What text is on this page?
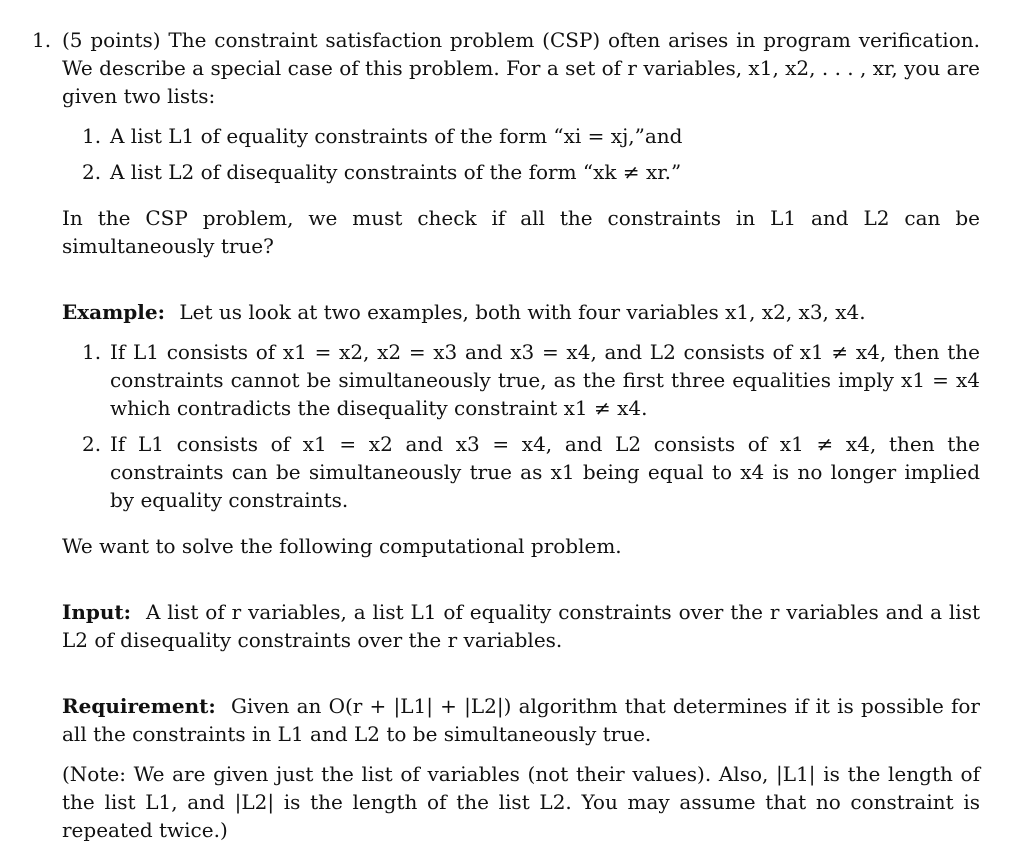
1. (5 points) The constraint satisfaction problem (CSP) often arises in program verification. We describe a special case of this problem. For a set of r variables, x1, x2, . . . , xr, you are given two lists:

1. A list L1 of equality constraints of the form “xi = xj,”and
2. A list L2 of disequality constraints of the form “xk ≠ xr.”

In the CSP problem, we must check if all the constraints in L1 and L2 can be simultaneously true?

Example: Let us look at two examples, both with four variables x1, x2, x3, x4.

1. If L1 consists of x1 = x2, x2 = x3 and x3 = x4, and L2 consists of x1 ≠ x4, then the constraints cannot be simultaneously true, as the first three equalities imply x1 = x4 which contradicts the disequality constraint x1 ≠ x4.
2. If L1 consists of x1 = x2 and x3 = x4, and L2 consists of x1 ≠ x4, then the constraints can be simultaneously true as x1 being equal to x4 is no longer implied by equality constraints.

We want to solve the following computational problem.

Input: A list of r variables, a list L1 of equality constraints over the r variables and a list L2 of disequality constraints over the r variables.

Requirement: Given an O(r + |L1| + |L2|) algorithm that determines if it is possible for all the constraints in L1 and L2 to be simultaneously true.

(Note: We are given just the list of variables (not their values). Also, |L1| is the length of the list L1, and |L2| is the length of the list L2. You may assume that no constraint is repeated twice.)
